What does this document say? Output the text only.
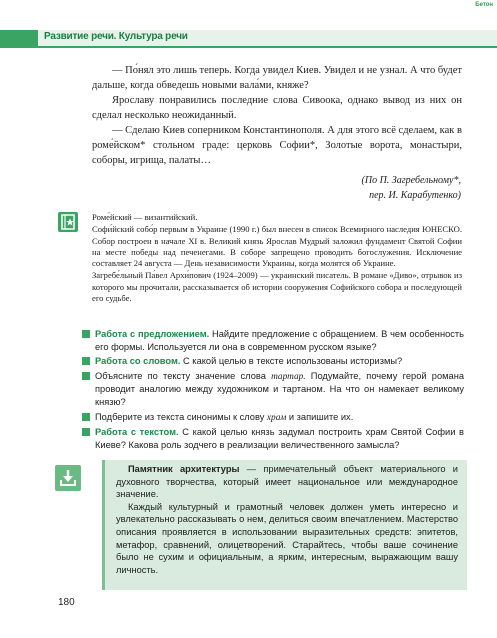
Бетон
Развитие речи. Культура речи

— По́нял это лишь теперь. Когда увидел Киев. Увидел и не узнал. А что будет дальше, когда обведешь новыми вала́ми, княже?

Ярославу понравились последние слова Сивоока, однако вывод из них он сделал несколько неожиданный.

— Сделаю Киев соперником Константинополя. А для этого всё сделаем, как в роме́йском* стольном граде: церковь Софии*, Золотые ворота, монастыри, соборы, игрища, палаты…

(По П. Загребельному*,
пер. И. Карабутенко)

Роме́йский — византийский.

Софи́йский собо́р первым в Украине (1990 г.) был внесен в список Всемирного наследия ЮНЕСКО. Собор построен в начале XI в. Великий князь Ярослав Мудрый заложил фундамент Святой Софии на месте победы над печенегами. В соборе запрещено проводить богослужения. Исключение составляет 24 августа — День независимости Украины, когда молятся об Украине.

Загребе́льный Па́вел Архи́пович (1924–2009) — украинский писатель. В романе «Диво», отрывок из которого мы прочитали, рассказывается об истории сооружения Софийского собора и последующей его судьбе.

Работа с предложением. Найдите предложение с обращением. В чем особенность его формы. Используется ли она в современном русском языке?
Работа со словом. С какой целью в тексте использованы историзмы?
Объясните по тексту значение слова тартар. Подумайте, почему герой романа проводит аналогию между художником и тартаном. На что он намекает великому князю?
Подберите из текста синонимы к слову храм и запишите их.
Работа с текстом. С какой целью князь задумал построить храм Святой Софии в Киеве? Какова роль зодчего в реализации величественного замысла?

Памятник архитектуры — примечательный объект материального и духовного творчества, который имеет национальное или международное значение.

Каждый культурный и грамотный человек должен уметь интересно и увлекательно рассказывать о нем, делиться своим впечатлением. Мастерство описания проявляется в использовании выразительных средств: эпитетов, метафор, сравнений, олицетворений. Старайтесь, чтобы ваше сочинение было не сухим и официальным, а ярким, интересным, выражающим вашу личность.

180
